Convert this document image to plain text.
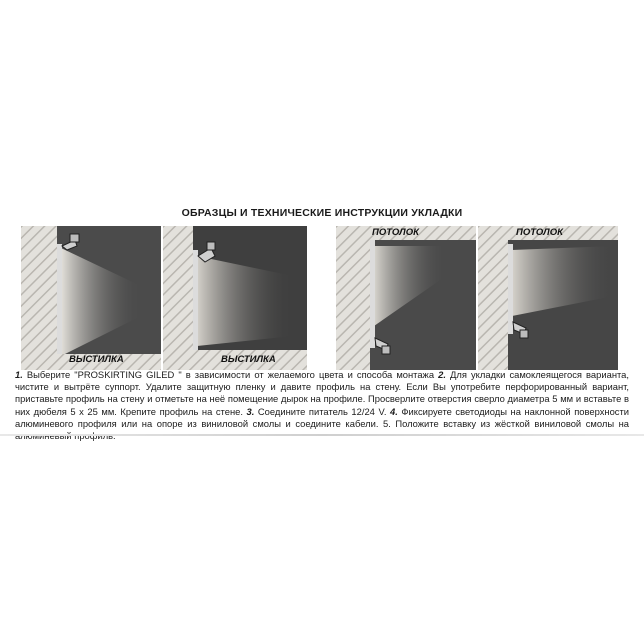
ОБРАЗЦЫ И ТЕХНИЧЕСКИЕ ИНСТРУКЦИИ УКЛАДКИ
ВЫСТИЛКА	ВЫСТИЛКА
ПОТОЛОК	ПОТОЛОК
1. Выберите "PROSKIRTING GILED " в зависимости от желаемого цвета и способа монтажа 2. Для укладки самоклеящегося варианта, чистите и вытрёте суппорт. Удалите защитную пленку и давите профиль на стену. Если Вы употребите перфорированный вариант, приставьте профиль на стену и отметьте на неё помещение дырок на профиле. Просверлите отверстия сверло диаметра 5 мм и вставьте в них дюбеля 5 х 25 мм. Крепите профиль на стене. 3. Соедините питатель 12/24 V. 4. Фиксируете светодиоды на наклонной поверхности алюминевого профиля или на опоре из виниловой смолы и соедините кабели. 5. Положите вставку из жёсткой виниловой смолы на
